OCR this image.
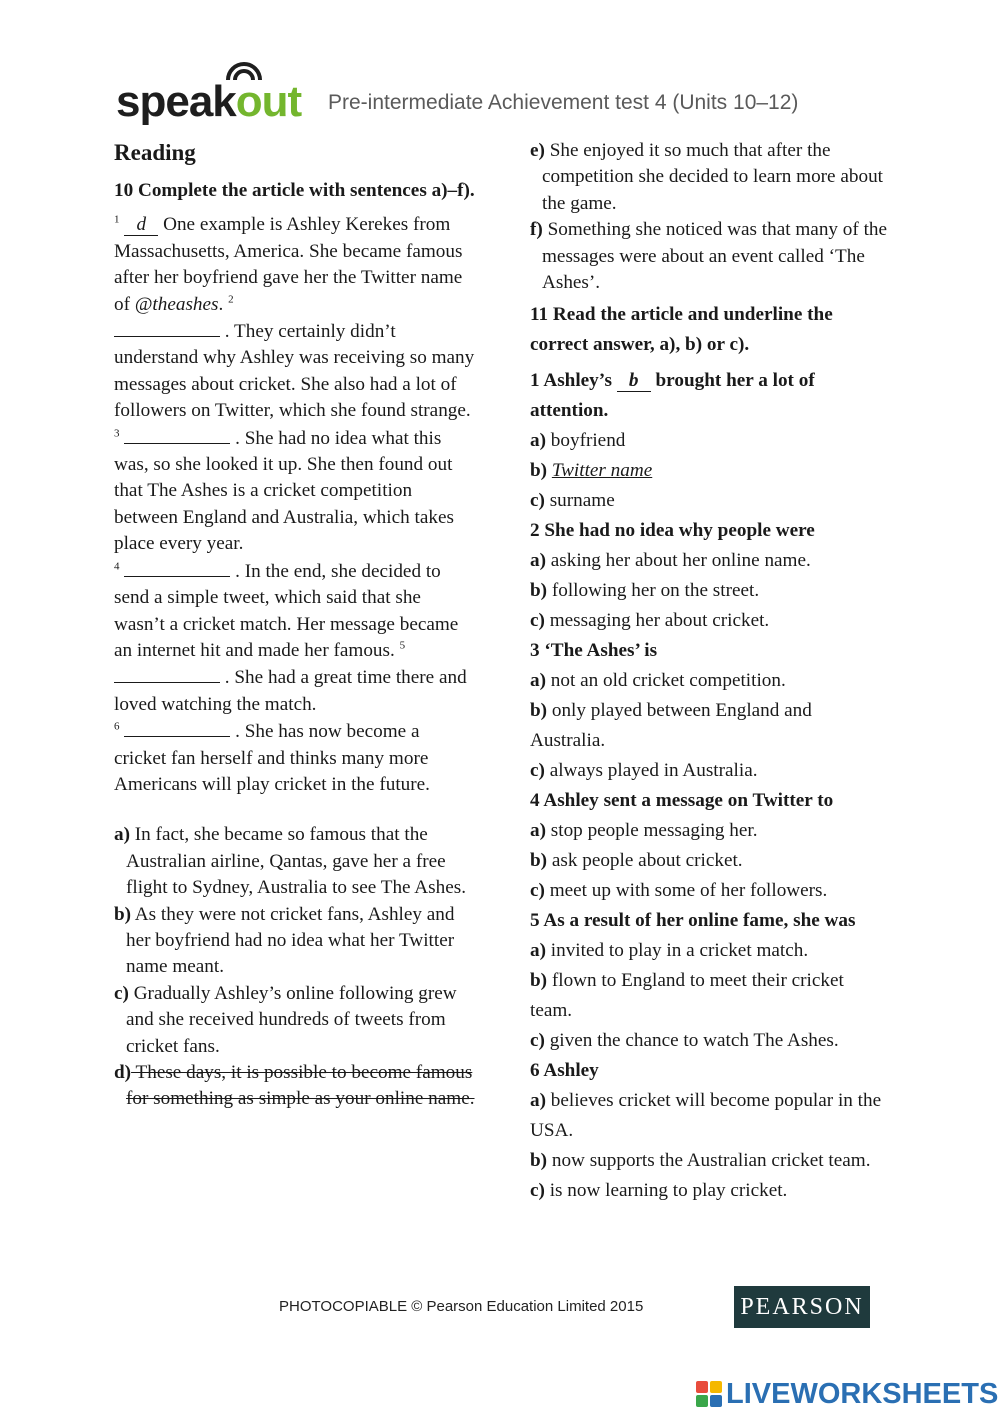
speakout Pre-intermediate Achievement test 4 (Units 10–12)
Reading
10 Complete the article with sentences a)–f).

$^1$ d One example is Ashley Kerekes from Massachusetts, America. She became famous after her boyfriend gave her the Twitter name of @theashes. $^2$
. They certainly didn’t understand why Ashley was receiving so many messages about cricket. She also had a lot of followers on Twitter, which she found strange.
$^3$	. She had no idea what this was, so she looked it up. She then found out that The Ashes is a cricket competition between England and Australia, which takes place every year.
$^4$	. In the end, she decided to send a simple tweet, which said that she wasn’t a cricket match. Her message became an internet hit and made her famous. $^5$  . She had a great time there and loved watching the match.
$^6$	. She has now become a cricket fan herself and thinks many more Americans will play cricket in the future.

a) In fact, she became so famous that the Australian airline, Qantas, gave her a free flight to Sydney, Australia to see The Ashes.

b) As they were not cricket fans, Ashley and her boyfriend had no idea what her Twitter name meant.

c) Gradually Ashley’s online following grew and she received hundreds of tweets from cricket fans.

d) These days, it is possible to become famous for something as simple as your online name.

e) She enjoyed it so much that after the competition she decided to learn more about the game.

f) Something she noticed was that many of the messages were about an event called ‘The Ashes’.

11 Read the article and underline the correct answer, a), b) or c).

1 Ashley’s b brought her a lot of attention.

a) boyfriend

b) Twitter name

c) surname

2 She had no idea why people were

a) asking her about her online name.

b) following her on the street.

c) messaging her about cricket.

3 ‘The Ashes’ is

a) not an old cricket competition.

b) only played between England and Australia.

c) always played in Australia.

4 Ashley sent a message on Twitter to

a) stop people messaging her.

b) ask people about cricket.

c) meet up with some of her followers.

5 As a result of her online fame, she was

a) invited to play in a cricket match.

b) flown to England to meet their cricket team.

c) given the chance to watch The Ashes.

6 Ashley

a) believes cricket will become popular in the USA.

b) now supports the Australian cricket team.

c) is now learning to play cricket.

PHOTOCOPIABLE © Pearson Education Limited 2015	PEARSON
LIVEWORKSHEETS
